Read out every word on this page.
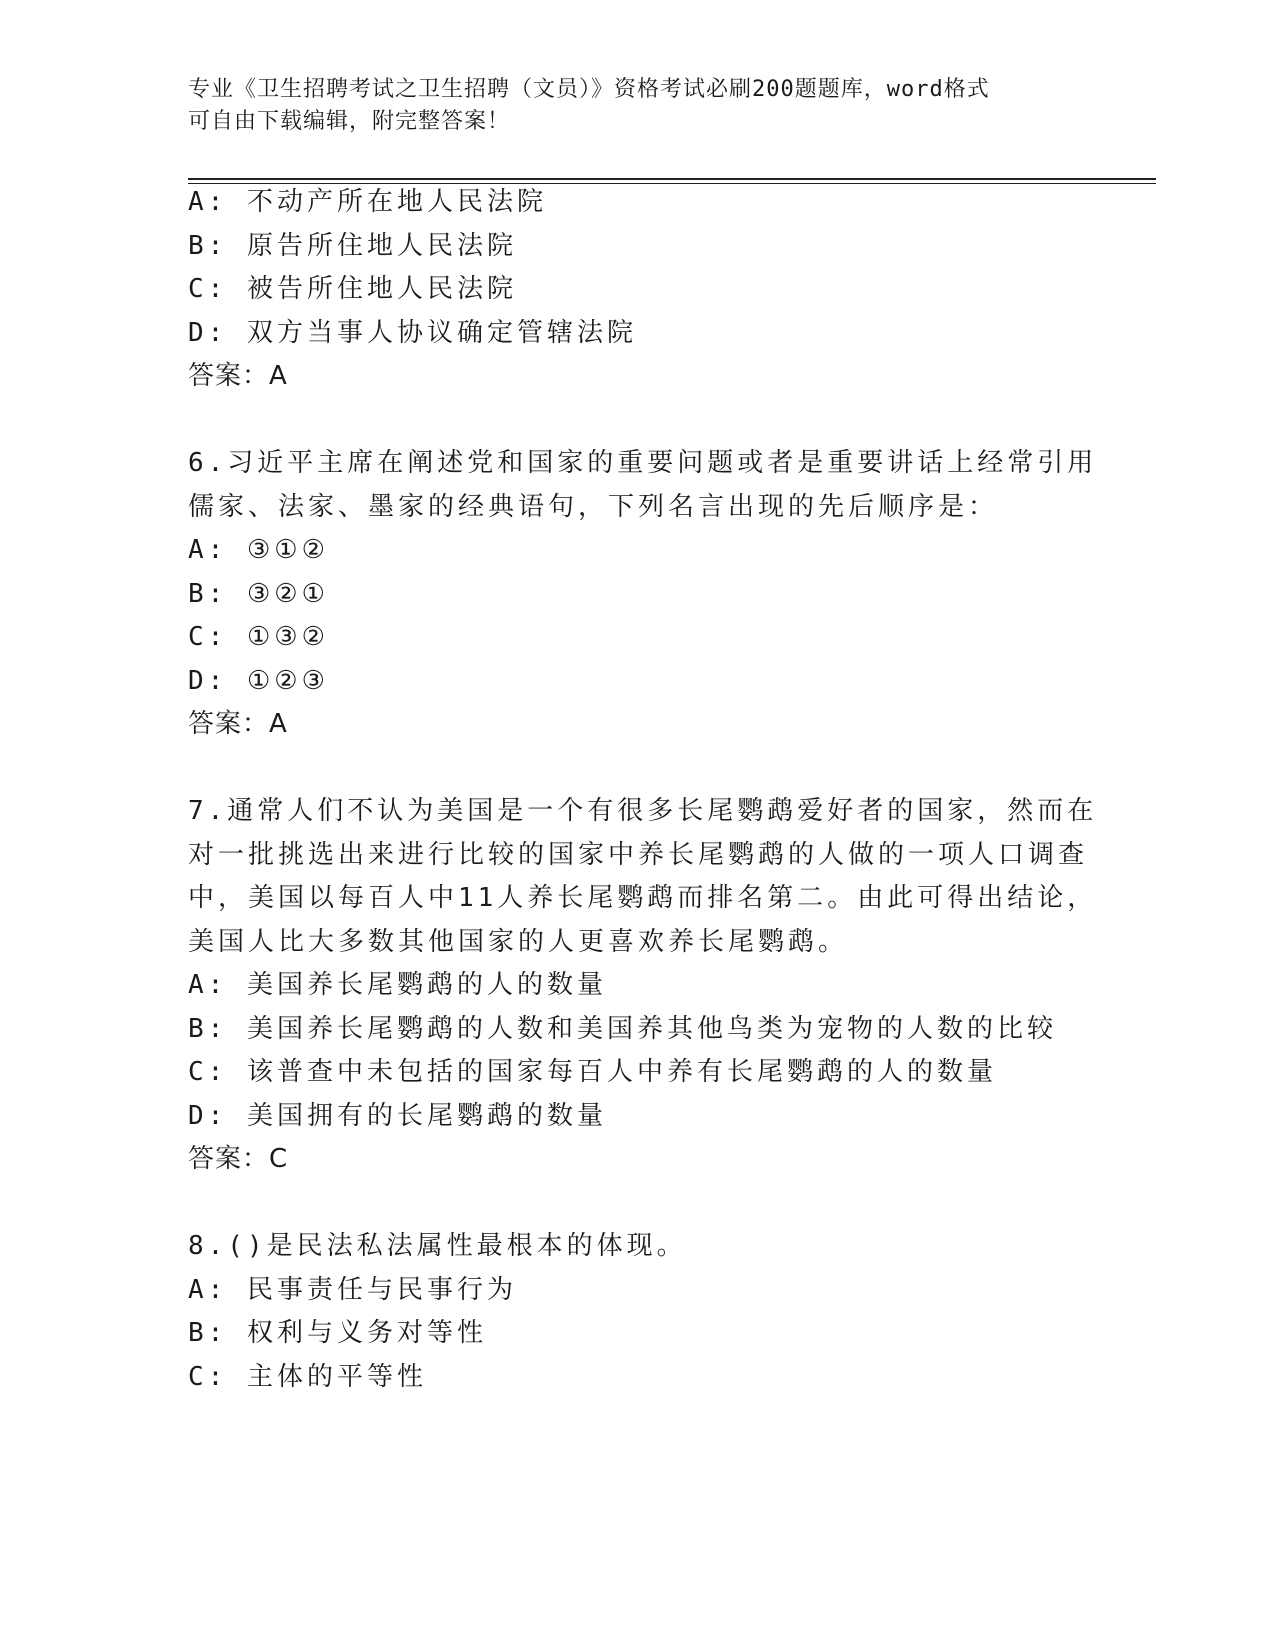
专业《卫生招聘考试之卫生招聘（文员）》资格考试必刷200题题库，word格式
可自由下载编辑，附完整答案！
A: 不动产所在地人民法院
B: 原告所住地人民法院
C: 被告所住地人民法院
D: 双方当事人协议确定管辖法院
答案：A
6.习近平主席在阐述党和国家的重要问题或者是重要讲话上经常引用
儒家、法家、墨家的经典语句，下列名言出现的先后顺序是：
A: ③①②
B: ③②①
C: ①③②
D: ①②③
答案：A
7.通常人们不认为美国是一个有很多长尾鹦鹉爱好者的国家，然而在
对一批挑选出来进行比较的国家中养长尾鹦鹉的人做的一项人口调查
中，美国以每百人中11人养长尾鹦鹉而排名第二。由此可得出结论，
美国人比大多数其他国家的人更喜欢养长尾鹦鹉。
A: 美国养长尾鹦鹉的人的数量
B: 美国养长尾鹦鹉的人数和美国养其他鸟类为宠物的人数的比较
C: 该普查中未包括的国家每百人中养有长尾鹦鹉的人的数量
D: 美国拥有的长尾鹦鹉的数量
答案：C
8.()是民法私法属性最根本的体现。
A: 民事责任与民事行为
B: 权利与义务对等性
C: 主体的平等性
